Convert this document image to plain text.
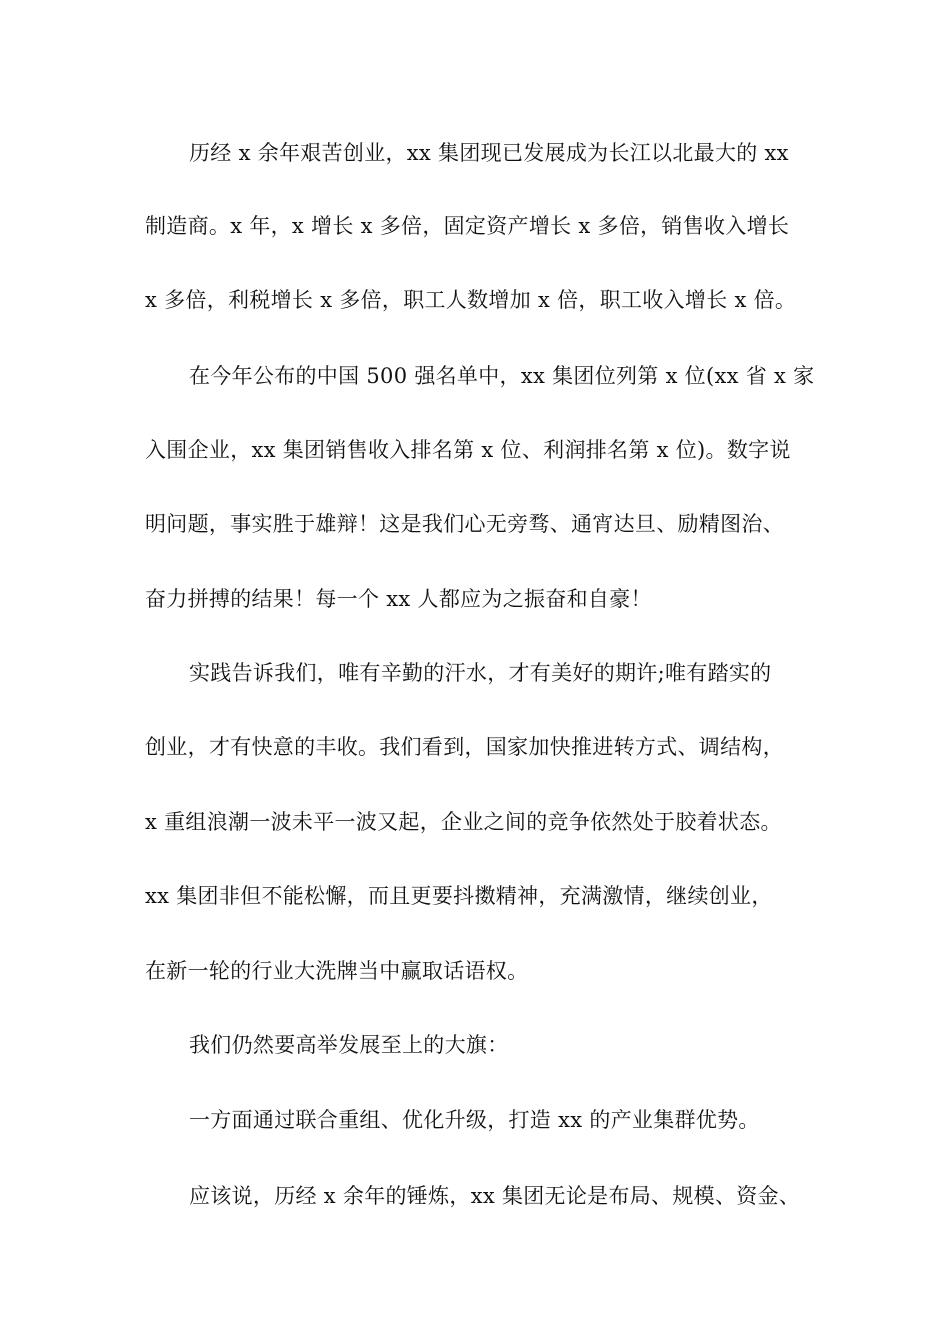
历经 x 余年艰苦创业，xx 集团现已发展成为长江以北最大的 xx
制造商。x 年，x 增长 x 多倍，固定资产增长 x 多倍，销售收入增长
x 多倍，利税增长 x 多倍，职工人数增加 x 倍，职工收入增长 x 倍。
在今年公布的中国 500 强名单中，xx 集团位列第 x 位(xx 省 x 家
入围企业，xx 集团销售收入排名第 x 位、利润排名第 x 位)。数字说
明问题，事实胜于雄辩！这是我们心无旁骛、通宵达旦、励精图治、
奋力拼搏的结果！每一个 xx 人都应为之振奋和自豪！
实践告诉我们，唯有辛勤的汗水，才有美好的期许;唯有踏实的
创业，才有快意的丰收。我们看到，国家加快推进转方式、调结构，
x 重组浪潮一波未平一波又起，企业之间的竞争依然处于胶着状态。
xx 集团非但不能松懈，而且更要抖擞精神，充满激情，继续创业，
在新一轮的行业大洗牌当中赢取话语权。
我们仍然要高举发展至上的大旗：
一方面通过联合重组、优化升级，打造 xx 的产业集群优势。
应该说，历经 x 余年的锤炼，xx 集团无论是布局、规模、资金、
